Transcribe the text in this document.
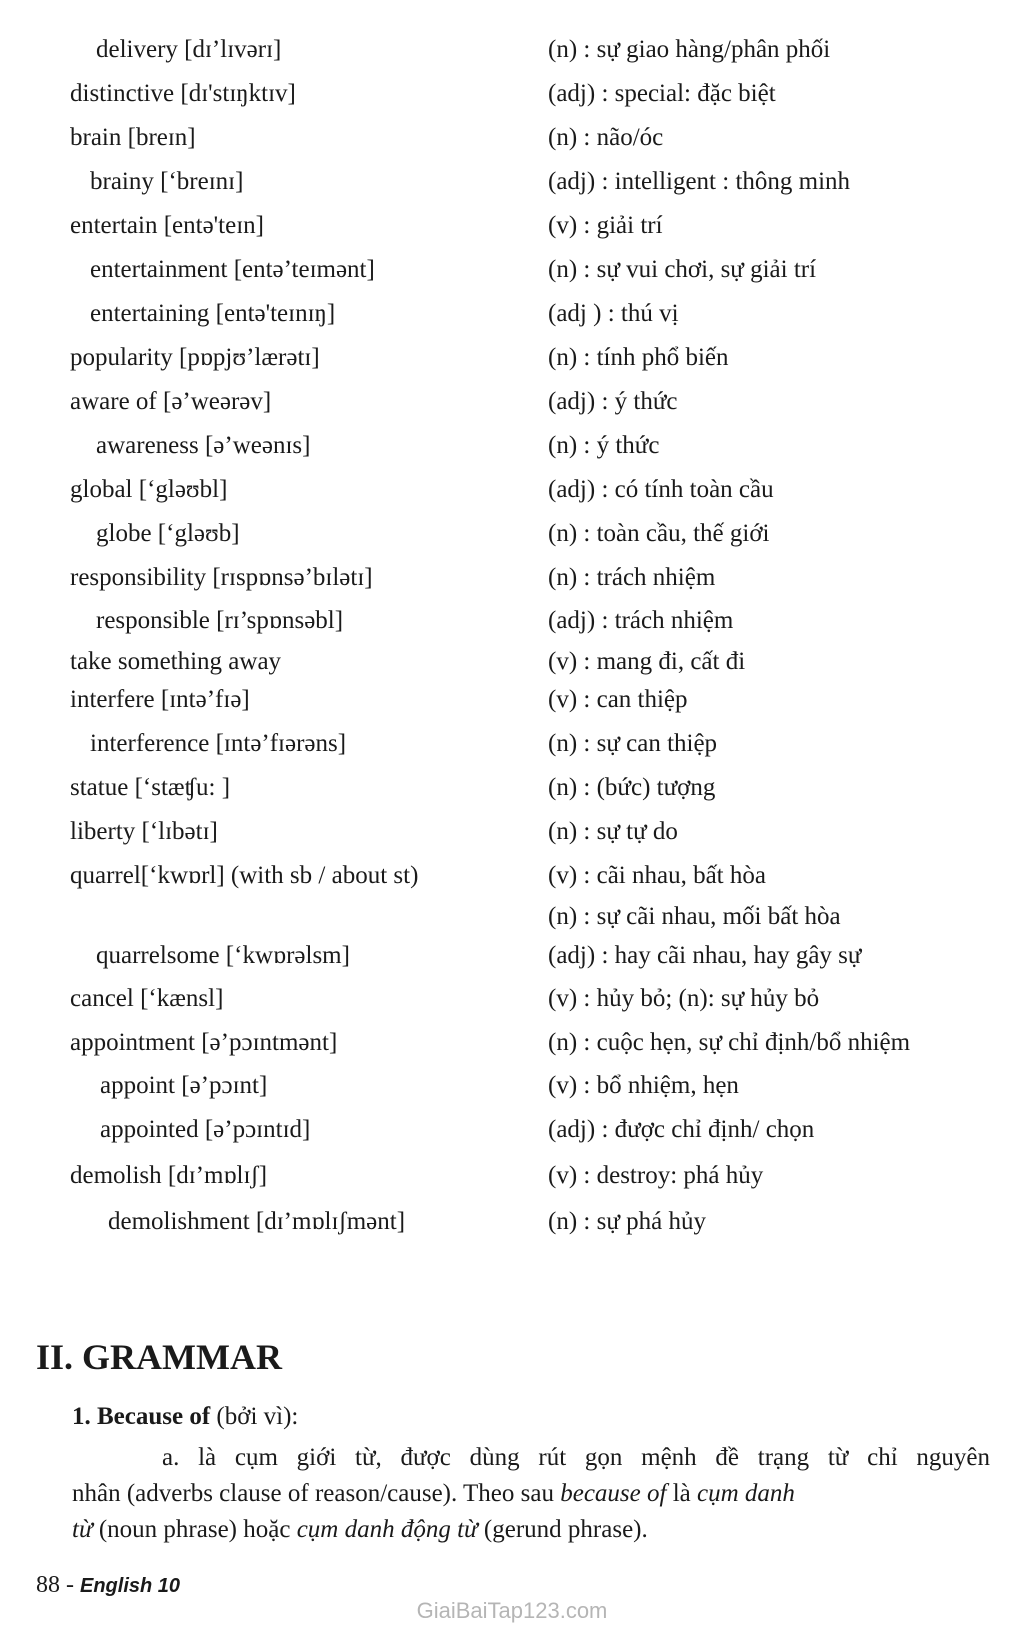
delivery [dɪ’lɪvərɪ]	(n) : sự giao hàng/phân phối
distinctive [dɪ'stɪŋktɪv]	(adj) : special: đặc biệt
brain [breɪn]	(n) : não/óc
brainy [‘breɪnɪ]	(adj) : intelligent : thông minh
entertain [entə'teɪn]	(v) : giải trí
entertainment [entə’teɪmənt]	(n) : sự vui chơi, sự giải trí
entertaining [entə'teɪnɪŋ]	(adj ) : thú vị
popularity [pɒpjʊ’lærətɪ]	(n) : tính phổ biến
aware of [ə’weərəv]	(adj) : ý thức
awareness [ə’weənɪs]	(n) : ý thức
global [‘gləʊbl]	(adj) : có tính toàn cầu
globe [‘gləʊb]	(n) : toàn cầu, thế giới
responsibility [rɪspɒnsə’bɪlətɪ]	(n) : trách nhiệm
responsible [rɪ’spɒnsəbl]	(adj) : trách nhiệm
take something away	(v) : mang đi, cất đi
interfere [ɪntə’fɪə]	(v) : can thiệp
interference [ɪntə’fɪərəns]	(n) : sự can thiệp
statue [‘stæʧu: ]	(n) : (bức) tượng
liberty [‘lɪbətɪ]	(n) : sự tự do
quarrel[‘kwɒrl] (with sb / about st)	(v) : cãi nhau, bất hòa
(n) : sự cãi nhau, mối bất hòa
quarrelsome [‘kwɒrəlsm]	(adj) : hay cãi nhau, hay gây sự
cancel [‘kænsl]	(v) : hủy bỏ; (n): sự hủy bỏ
appointment [ə’pɔɪntmənt]	(n) : cuộc hẹn, sự chỉ định/bổ nhiệm
appoint [ə’pɔɪnt]	(v) : bổ nhiệm, hẹn
appointed [ə’pɔɪntɪd]	(adj) : được chỉ định/ chọn
demolish [dɪ’mɒlɪʃ]	(v) : destroy: phá hủy
demolishment [dɪ’mɒlɪʃmənt]	(n) : sự phá hủy
II. GRAMMAR
1. Because of (bởi vì):
a. là cụm giới từ, được dùng rút gọn mệnh đề trạng từ chỉ nguyên
nhân (adverbs clause of reason/cause). Theo sau because of là cụm danh
từ (noun phrase) hoặc cụm danh động từ (gerund phrase).
88 - English 10
GiaiBaiTap123.com
